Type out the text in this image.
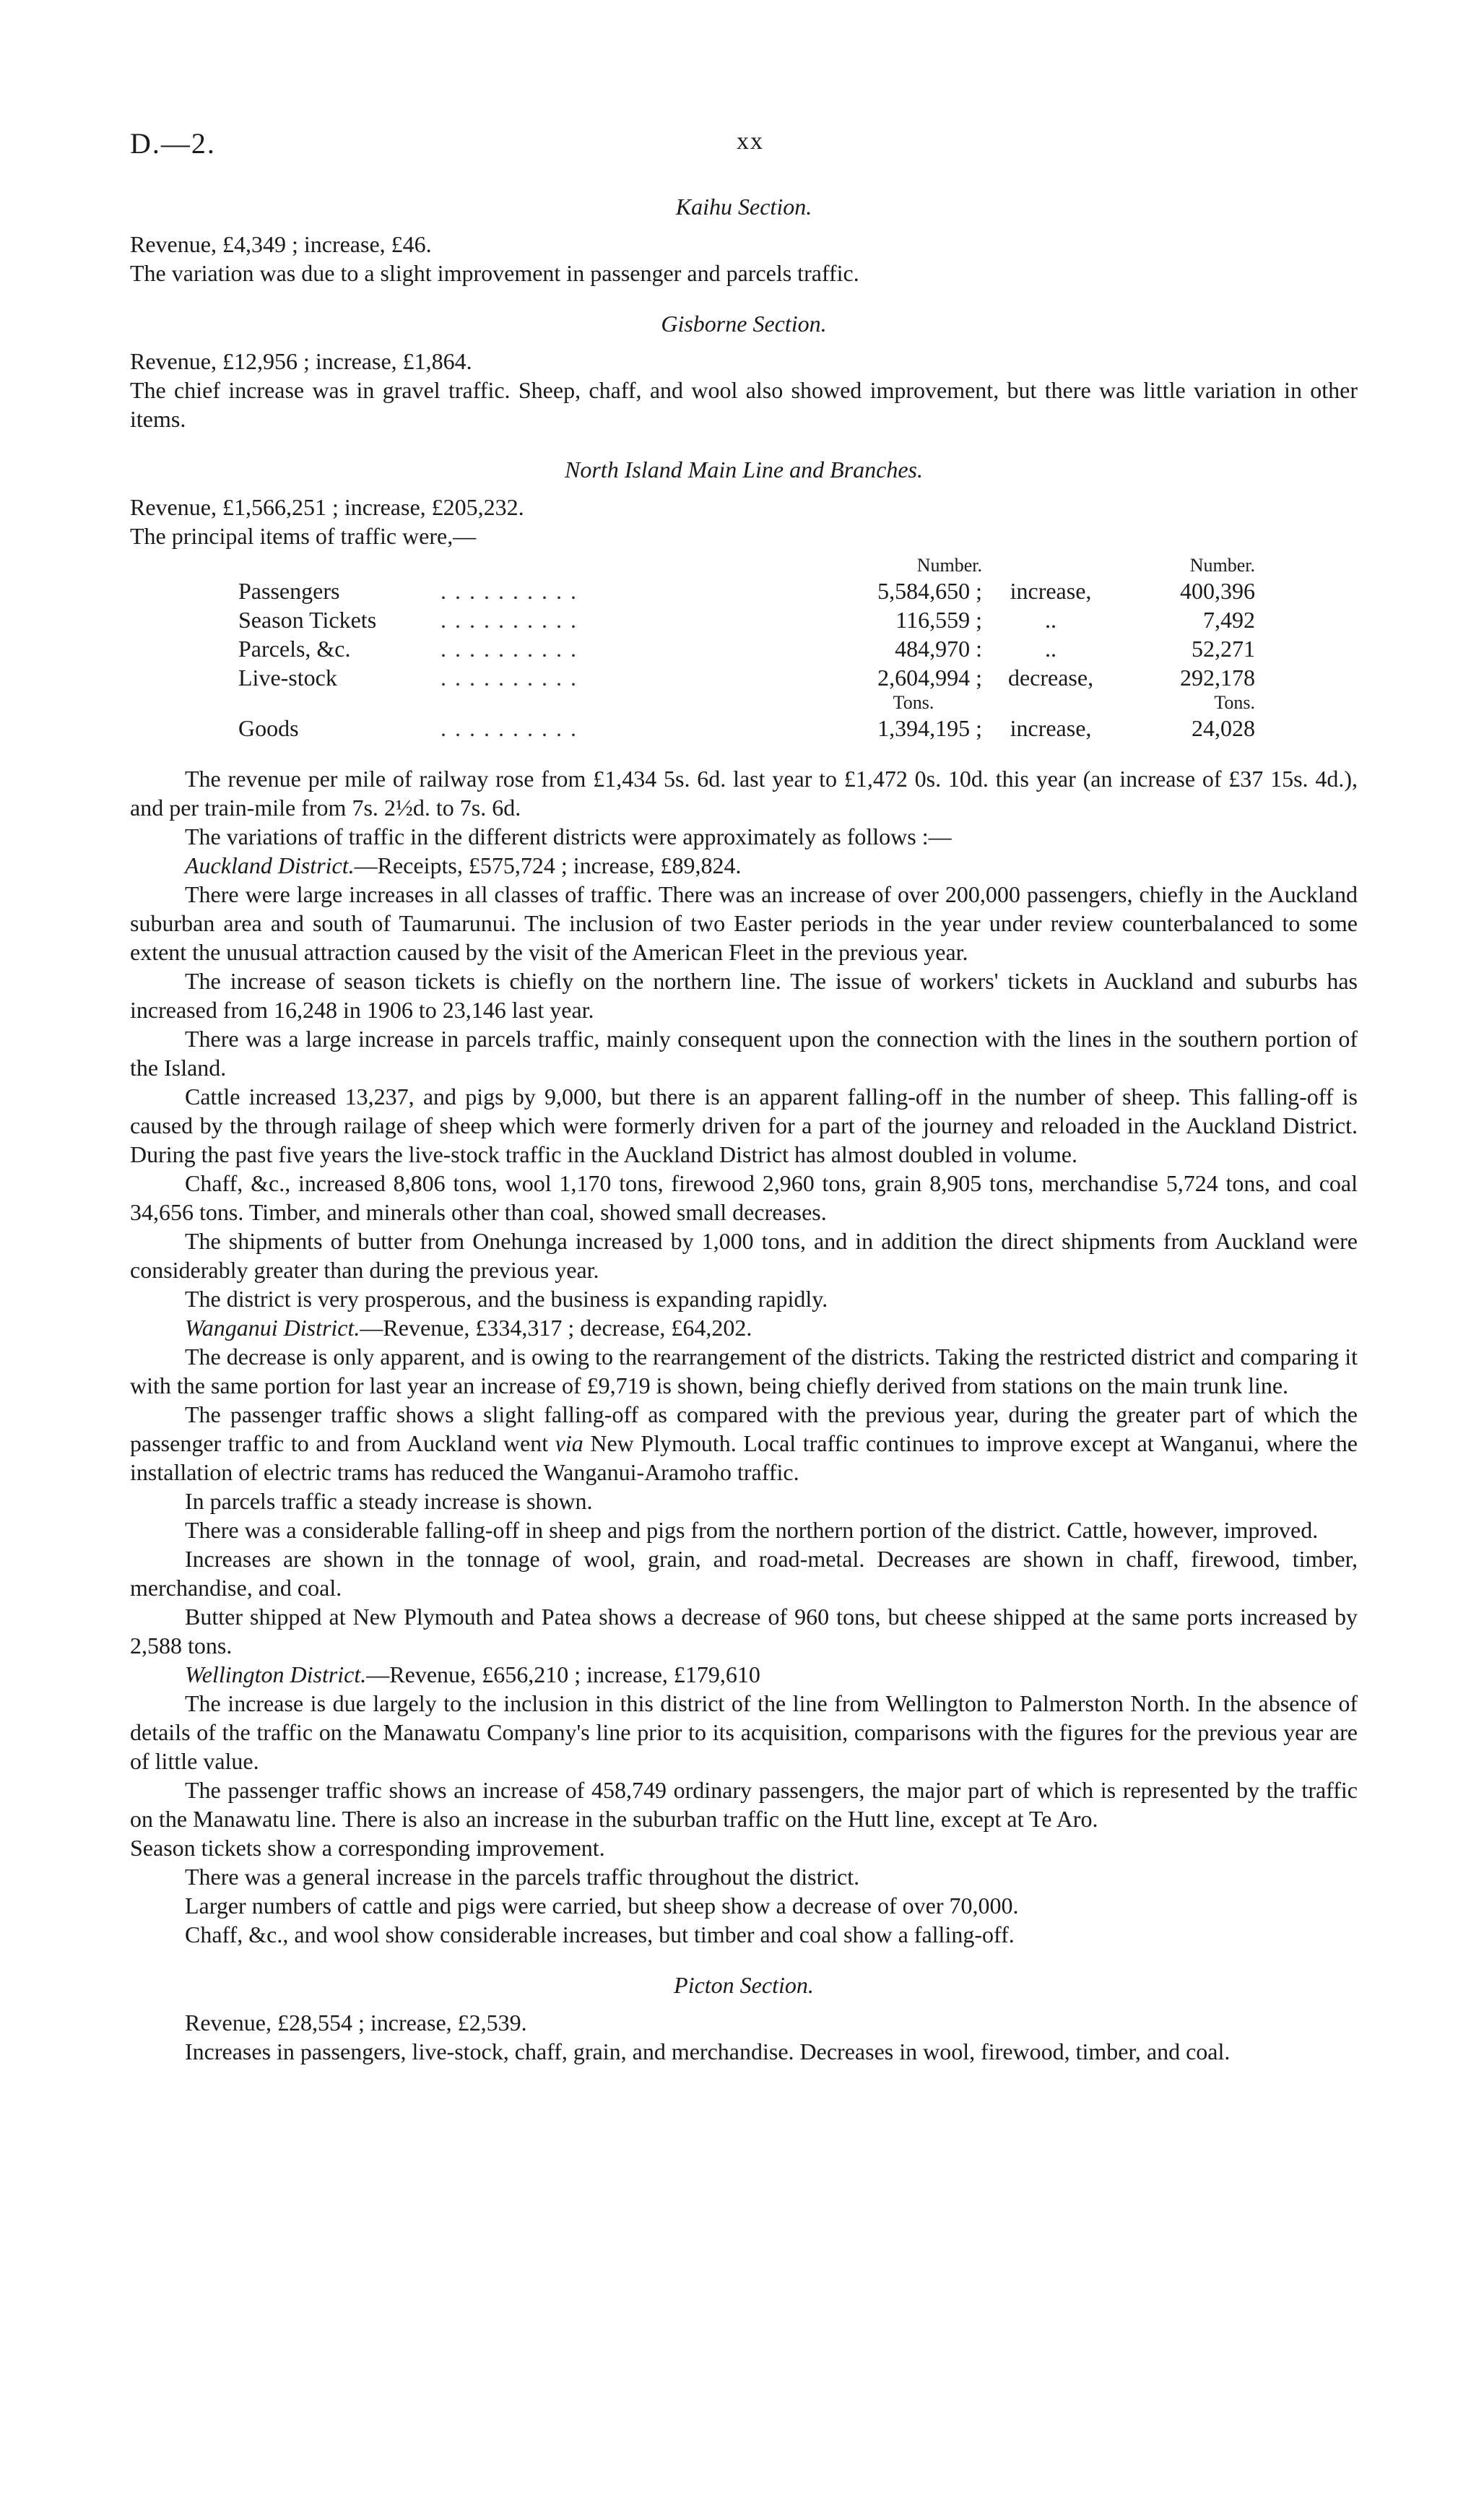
D.—2.	xx

Kaihu Section.

Revenue, £4,349 ; increase, £46.

The variation was due to a slight improvement in passenger and parcels traffic.

Gisborne Section.

Revenue, £12,956 ; increase, £1,864.

The chief increase was in gravel traffic. Sheep, chaff, and wool also showed improvement, but there was little variation in other items.

North Island Main Line and Branches.

Revenue, £1,566,251 ; increase, £205,232.

The principal items of traffic were,—

		Number.		Number.
Passengers	. . . . . . . . . .	5,584,650 ;	increase,	400,396
Season Tickets	. . . . . . . . . .	116,559 ;	..	7,492
Parcels, &c.	. . . . . . . . . .	484,970 :	..	52,271
Live-stock	. . . . . . . . . .	2,604,994 ;	decrease,	292,178
		Tons.		Tons.
Goods	. . . . . . . . . .	1,394,195 ;	increase,	24,028

The revenue per mile of railway rose from £1,434 5s. 6d. last year to £1,472 0s. 10d. this year (an increase of £37 15s. 4d.), and per train-mile from 7s. 2½d. to 7s. 6d.

The variations of traffic in the different districts were approximately as follows :—

Auckland District.—Receipts, £575,724 ; increase, £89,824.

There were large increases in all classes of traffic. There was an increase of over 200,000 passengers, chiefly in the Auckland suburban area and south of Taumarunui. The inclusion of two Easter periods in the year under review counterbalanced to some extent the unusual attraction caused by the visit of the American Fleet in the previous year.

The increase of season tickets is chiefly on the northern line. The issue of workers' tickets in Auckland and suburbs has increased from 16,248 in 1906 to 23,146 last year.

There was a large increase in parcels traffic, mainly consequent upon the connection with the lines in the southern portion of the Island.

Cattle increased 13,237, and pigs by 9,000, but there is an apparent falling-off in the number of sheep. This falling-off is caused by the through railage of sheep which were formerly driven for a part of the journey and reloaded in the Auckland District. During the past five years the live-stock traffic in the Auckland District has almost doubled in volume.

Chaff, &c., increased 8,806 tons, wool 1,170 tons, firewood 2,960 tons, grain 8,905 tons, merchandise 5,724 tons, and coal 34,656 tons. Timber, and minerals other than coal, showed small decreases.

The shipments of butter from Onehunga increased by 1,000 tons, and in addition the direct shipments from Auckland were considerably greater than during the previous year.

The district is very prosperous, and the business is expanding rapidly.

Wanganui District.—Revenue, £334,317 ; decrease, £64,202.

The decrease is only apparent, and is owing to the rearrangement of the districts. Taking the restricted district and comparing it with the same portion for last year an increase of £9,719 is shown, being chiefly derived from stations on the main trunk line.

The passenger traffic shows a slight falling-off as compared with the previous year, during the greater part of which the passenger traffic to and from Auckland went via New Plymouth. Local traffic continues to improve except at Wanganui, where the installation of electric trams has reduced the Wanganui-Aramoho traffic.

In parcels traffic a steady increase is shown.

There was a considerable falling-off in sheep and pigs from the northern portion of the district. Cattle, however, improved.

Increases are shown in the tonnage of wool, grain, and road-metal. Decreases are shown in chaff, firewood, timber, merchandise, and coal.

Butter shipped at New Plymouth and Patea shows a decrease of 960 tons, but cheese shipped at the same ports increased by 2,588 tons.

Wellington District.—Revenue, £656,210 ; increase, £179,610

The increase is due largely to the inclusion in this district of the line from Wellington to Palmerston North. In the absence of details of the traffic on the Manawatu Company's line prior to its acquisition, comparisons with the figures for the previous year are of little value.

The passenger traffic shows an increase of 458,749 ordinary passengers, the major part of which is represented by the traffic on the Manawatu line. There is also an increase in the suburban traffic on the Hutt line, except at Te Aro.

Season tickets show a corresponding improvement.

There was a general increase in the parcels traffic throughout the district.

Larger numbers of cattle and pigs were carried, but sheep show a decrease of over 70,000.

Chaff, &c., and wool show considerable increases, but timber and coal show a falling-off.

Picton Section.

Revenue, £28,554 ; increase, £2,539.

Increases in passengers, live-stock, chaff, grain, and merchandise. Decreases in wool, firewood, timber, and coal.
